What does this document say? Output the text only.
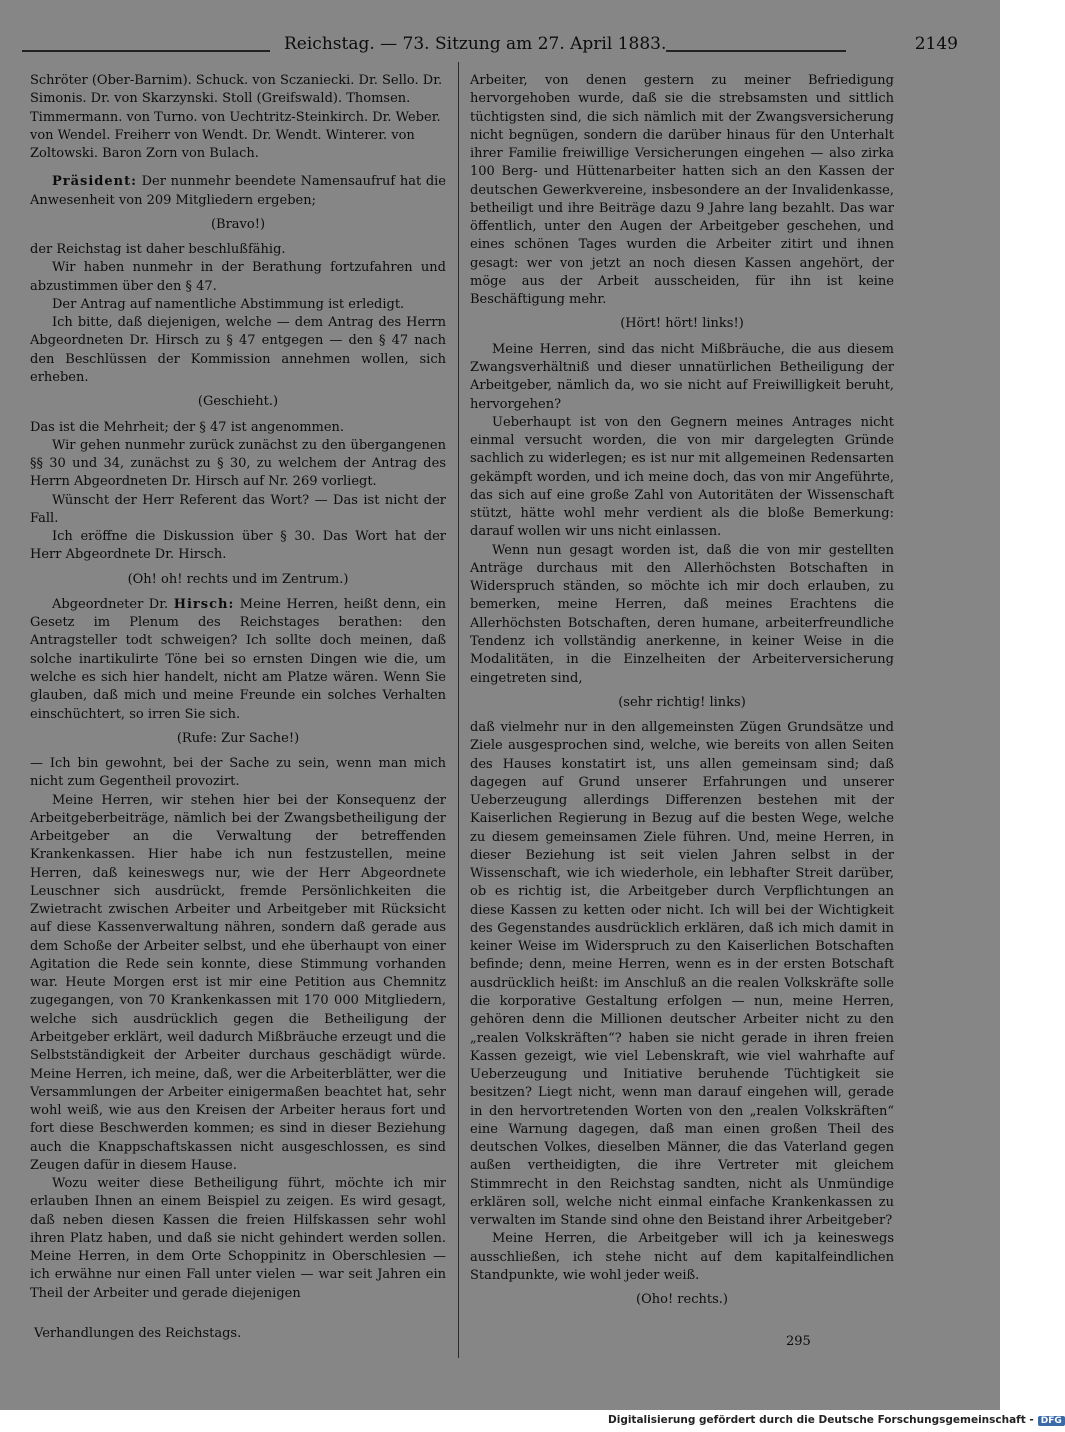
Reichstag. — 73. Sitzung am 27. April 1883.	2149

Schröter (Ober-Barnim). Schuck. von Sczaniecki. Dr. Sello. Dr. Simonis. Dr. von Skarzynski. Stoll (Greifswald). Thomsen. Timmermann. von Turno. von Uechtritz-Steinkirch. Dr. Weber. von Wendel. Freiherr von Wendt. Dr. Wendt. Winterer. von Zoltowski. Baron Zorn von Bulach.

Präsident: Der nunmehr beendete Namensaufruf hat die Anwesenheit von 209 Mitgliedern ergeben;

(Bravo!)

der Reichstag ist daher beschlußfähig.

Wir haben nunmehr in der Berathung fortzufahren und abzustimmen über den § 47.

Der Antrag auf namentliche Abstimmung ist erledigt.

Ich bitte, daß diejenigen, welche — dem Antrag des Herrn Abgeordneten Dr. Hirsch zu § 47 entgegen — den § 47 nach den Beschlüssen der Kommission annehmen wollen, sich erheben.

(Geschieht.)

Das ist die Mehrheit; der § 47 ist angenommen.

Wir gehen nunmehr zurück zunächst zu den übergangenen §§ 30 und 34, zunächst zu § 30, zu welchem der Antrag des Herrn Abgeordneten Dr. Hirsch auf Nr. 269 vorliegt.

Wünscht der Herr Referent das Wort? — Das ist nicht der Fall.

Ich eröffne die Diskussion über § 30. Das Wort hat der Herr Abgeordnete Dr. Hirsch.

(Oh! oh! rechts und im Zentrum.)

Abgeordneter Dr. Hirsch: Meine Herren, heißt denn, ein Gesetz im Plenum des Reichstages berathen: den Antragsteller todt schweigen? Ich sollte doch meinen, daß solche inartikulirte Töne bei so ernsten Dingen wie die, um welche es sich hier handelt, nicht am Platze wären. Wenn Sie glauben, daß mich und meine Freunde ein solches Verhalten einschüchtert, so irren Sie sich.

(Rufe: Zur Sache!)

— Ich bin gewohnt, bei der Sache zu sein, wenn man mich nicht zum Gegentheil provozirt.

Meine Herren, wir stehen hier bei der Konsequenz der Arbeitgeberbeiträge, nämlich bei der Zwangsbetheiligung der Arbeitgeber an die Verwaltung der betreffenden Krankenkassen. Hier habe ich nun festzustellen, meine Herren, daß keineswegs nur, wie der Herr Abgeordnete Leuschner sich ausdrückt, fremde Persönlichkeiten die Zwietracht zwischen Arbeiter und Arbeitgeber mit Rücksicht auf diese Kassenverwaltung nähren, sondern daß gerade aus dem Schoße der Arbeiter selbst, und ehe überhaupt von einer Agitation die Rede sein konnte, diese Stimmung vorhanden war. Heute Morgen erst ist mir eine Petition aus Chemnitz zugegangen, von 70 Krankenkassen mit 170 000 Mitgliedern, welche sich ausdrücklich gegen die Betheiligung der Arbeitgeber erklärt, weil dadurch Mißbräuche erzeugt und die Selbstständigkeit der Arbeiter durchaus geschädigt würde. Meine Herren, ich meine, daß, wer die Arbeiterblätter, wer die Versammlungen der Arbeiter einigermaßen beachtet hat, sehr wohl weiß, wie aus den Kreisen der Arbeiter heraus fort und fort diese Beschwerden kommen; es sind in dieser Beziehung auch die Knappschaftskassen nicht ausgeschlossen, es sind Zeugen dafür in diesem Hause.

Wozu weiter diese Betheiligung führt, möchte ich mir erlauben Ihnen an einem Beispiel zu zeigen. Es wird gesagt, daß neben diesen Kassen die freien Hilfskassen sehr wohl ihren Platz haben, und daß sie nicht gehindert werden sollen. Meine Herren, in dem Orte Schoppinitz in Oberschlesien — ich erwähne nur einen Fall unter vielen — war seit Jahren ein Theil der Arbeiter und gerade diejenigen

Arbeiter, von denen gestern zu meiner Befriedigung hervorgehoben wurde, daß sie die strebsamsten und sittlich tüchtigsten sind, die sich nämlich mit der Zwangsversicherung nicht begnügen, sondern die darüber hinaus für den Unterhalt ihrer Familie freiwillige Versicherungen eingehen — also zirka 100 Berg- und Hüttenarbeiter hatten sich an den Kassen der deutschen Gewerkvereine, insbesondere an der Invalidenkasse, betheiligt und ihre Beiträge dazu 9 Jahre lang bezahlt. Das war öffentlich, unter den Augen der Arbeitgeber geschehen, und eines schönen Tages wurden die Arbeiter zitirt und ihnen gesagt: wer von jetzt an noch diesen Kassen angehört, der möge aus der Arbeit ausscheiden, für ihn ist keine Beschäftigung mehr.

(Hört! hört! links!)

Meine Herren, sind das nicht Mißbräuche, die aus diesem Zwangsverhältniß und dieser unnatürlichen Betheiligung der Arbeitgeber, nämlich da, wo sie nicht auf Freiwilligkeit beruht, hervorgehen?

Ueberhaupt ist von den Gegnern meines Antrages nicht einmal versucht worden, die von mir dargelegten Gründe sachlich zu widerlegen; es ist nur mit allgemeinen Redensarten gekämpft worden, und ich meine doch, das von mir Angeführte, das sich auf eine große Zahl von Autoritäten der Wissenschaft stützt, hätte wohl mehr verdient als die bloße Bemerkung: darauf wollen wir uns nicht einlassen.

Wenn nun gesagt worden ist, daß die von mir gestellten Anträge durchaus mit den Allerhöchsten Botschaften in Widerspruch ständen, so möchte ich mir doch erlauben, zu bemerken, meine Herren, daß meines Erachtens die Allerhöchsten Botschaften, deren humane, arbeiterfreundliche Tendenz ich vollständig anerkenne, in keiner Weise in die Modalitäten, in die Einzelheiten der Arbeiterversicherung eingetreten sind,

(sehr richtig! links)

daß vielmehr nur in den allgemeinsten Zügen Grundsätze und Ziele ausgesprochen sind, welche, wie bereits von allen Seiten des Hauses konstatirt ist, uns allen gemeinsam sind; daß dagegen auf Grund unserer Erfahrungen und unserer Ueberzeugung allerdings Differenzen bestehen mit der Kaiserlichen Regierung in Bezug auf die besten Wege, welche zu diesem gemeinsamen Ziele führen. Und, meine Herren, in dieser Beziehung ist seit vielen Jahren selbst in der Wissenschaft, wie ich wiederhole, ein lebhafter Streit darüber, ob es richtig ist, die Arbeitgeber durch Verpflichtungen an diese Kassen zu ketten oder nicht. Ich will bei der Wichtigkeit des Gegenstandes ausdrücklich erklären, daß ich mich damit in keiner Weise im Widerspruch zu den Kaiserlichen Botschaften befinde; denn, meine Herren, wenn es in der ersten Botschaft ausdrücklich heißt: im Anschluß an die realen Volkskräfte solle die korporative Gestaltung erfolgen — nun, meine Herren, gehören denn die Millionen deutscher Arbeiter nicht zu den „realen Volkskräften“? haben sie nicht gerade in ihren freien Kassen gezeigt, wie viel Lebenskraft, wie viel wahrhafte auf Ueberzeugung und Initiative beruhende Tüchtigkeit sie besitzen? Liegt nicht, wenn man darauf eingehen will, gerade in den hervortretenden Worten von den „realen Volkskräften“ eine Warnung dagegen, daß man einen großen Theil des deutschen Volkes, dieselben Männer, die das Vaterland gegen außen vertheidigten, die ihre Vertreter mit gleichem Stimmrecht in den Reichstag sandten, nicht als Unmündige erklären soll, welche nicht einmal einfache Krankenkassen zu verwalten im Stande sind ohne den Beistand ihrer Arbeitgeber?

Meine Herren, die Arbeitgeber will ich ja keineswegs ausschließen, ich stehe nicht auf dem kapitalfeindlichen Standpunkte, wie wohl jeder weiß.

(Oho! rechts.)

Verhandlungen des Reichstags.
295
Digitalisierung gefördert durch die Deutsche Forschungsgemeinschaft - DFG
